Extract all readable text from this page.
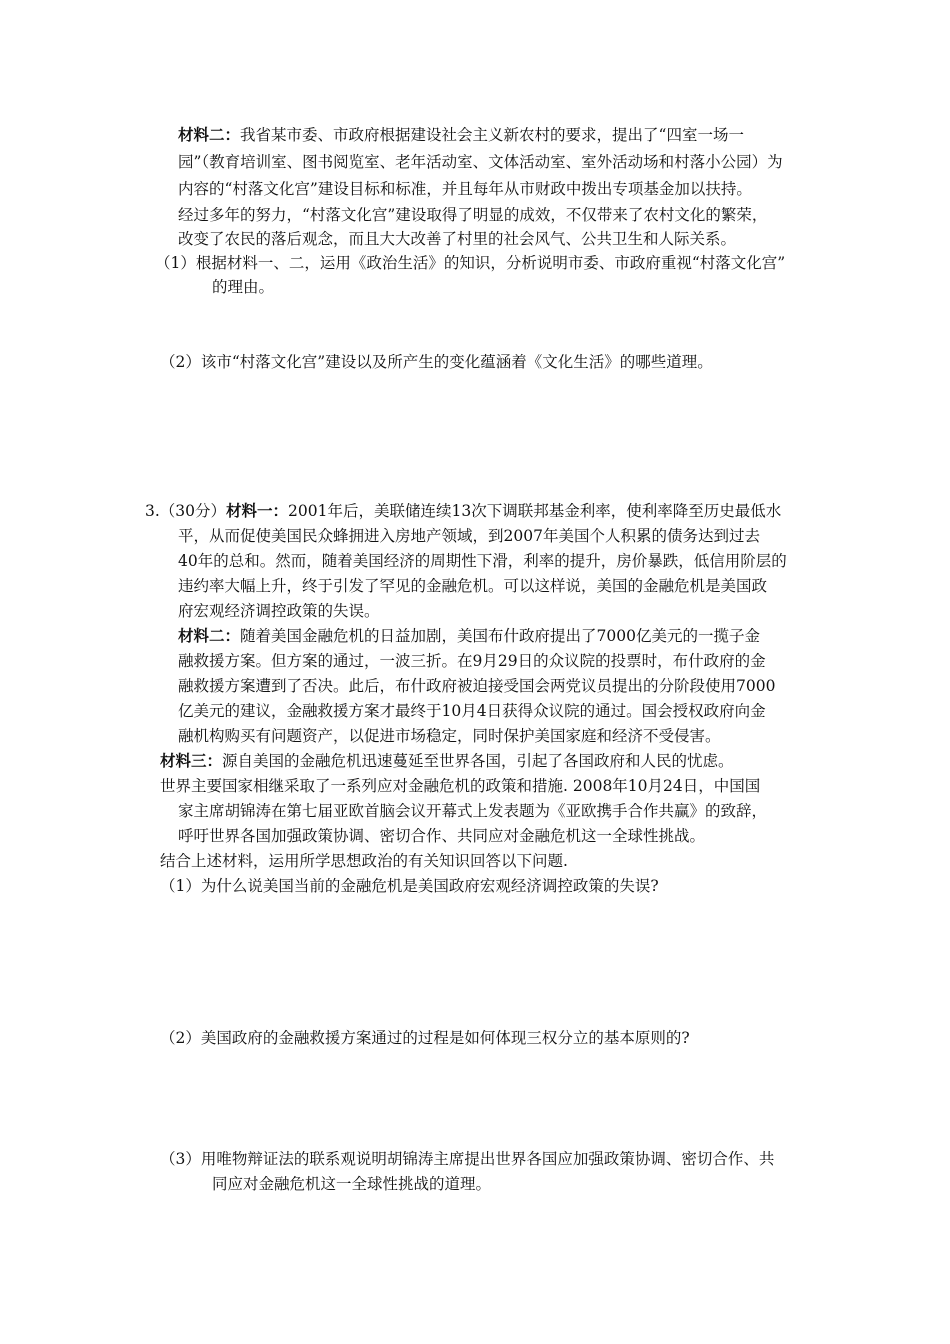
材料二：我省某市委、市政府根据建设社会主义新农村的要求，提出了“四室一场一
园”（教育培训室、图书阅览室、老年活动室、文体活动室、室外活动场和村落小公园）为
内容的“村落文化宫”建设目标和标准，并且每年从市财政中拨出专项基金加以扶持。
经过多年的努力，“村落文化宫”建设取得了明显的成效，不仅带来了农村文化的繁荣，
改变了农民的落后观念，而且大大改善了村里的社会风气、公共卫生和人际关系。
（1）根据材料一、二，运用《政治生活》的知识，分析说明市委、市政府重视“村落文化宫”
的理由。
（2）该市“村落文化宫”建设以及所产生的变化蕴涵着《文化生活》的哪些道理。
3.（30分）材料一：2001年后，美联储连续13次下调联邦基金利率，使利率降至历史最低水
平，从而促使美国民众蜂拥进入房地产领域，到2007年美国个人积累的债务达到过去
40年的总和。然而，随着美国经济的周期性下滑，利率的提升，房价暴跌，低信用阶层的
违约率大幅上升，终于引发了罕见的金融危机。可以这样说，美国的金融危机是美国政
府宏观经济调控政策的失误。
材料二：随着美国金融危机的日益加剧，美国布什政府提出了7000亿美元的一揽子金
融救援方案。但方案的通过，一波三折。在9月29日的众议院的投票时，布什政府的金
融救援方案遭到了否决。此后，布什政府被迫接受国会两党议员提出的分阶段使用7000
亿美元的建议，金融救援方案才最终于10月4日获得众议院的通过。国会授权政府向金
融机构购买有问题资产，以促进市场稳定，同时保护美国家庭和经济不受侵害。
材料三：源自美国的金融危机迅速蔓延至世界各国，引起了各国政府和人民的忧虑。
世界主要国家相继采取了一系列应对金融危机的政策和措施. 2008年10月24日，中国国
家主席胡锦涛在第七届亚欧首脑会议开幕式上发表题为《亚欧携手合作共赢》的致辞，
呼吁世界各国加强政策协调、密切合作、共同应对金融危机这一全球性挑战。
结合上述材料，运用所学思想政治的有关知识回答以下问题.
（1）为什么说美国当前的金融危机是美国政府宏观经济调控政策的失误?
（2）美国政府的金融救援方案通过的过程是如何体现三权分立的基本原则的?
（3）用唯物辩证法的联系观说明胡锦涛主席提出世界各国应加强政策协调、密切合作、共
同应对金融危机这一全球性挑战的道理。
